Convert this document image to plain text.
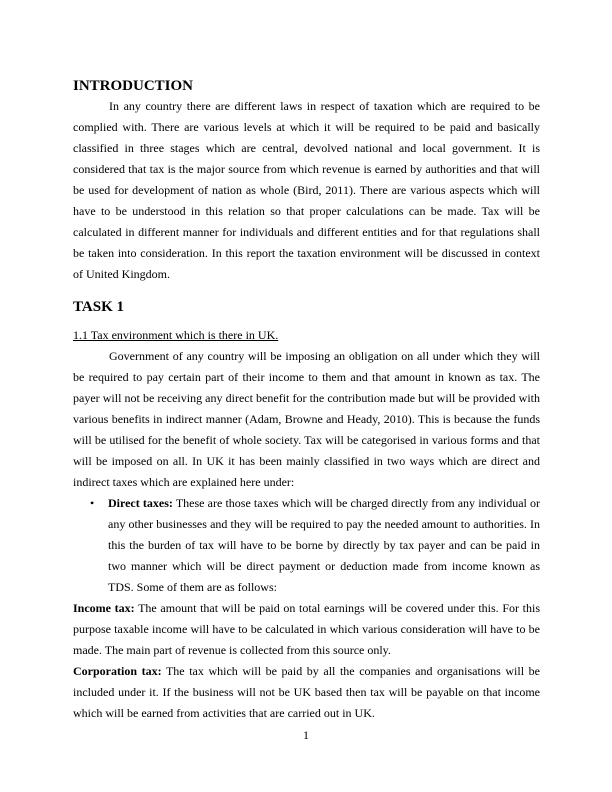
INTRODUCTION

In any country there are different laws in respect of taxation which are required to be complied with. There are various levels at which it will be required to be paid and basically classified in three stages which are central, devolved national and local government. It is considered that tax is the major source from which revenue is earned by authorities and that will be used for development of nation as whole (Bird, 2011). There are various aspects which will have to be understood in this relation so that proper calculations can be made. Tax will be calculated in different manner for individuals and different entities and for that regulations shall be taken into consideration. In this report the taxation environment will be discussed in context of United Kingdom.

TASK 1
1.1 Tax environment which is there in UK.

Government of any country will be imposing an obligation on all under which they will be required to pay certain part of their income to them and that amount in known as tax. The payer will not be receiving any direct benefit for the contribution made but will be provided with various benefits in indirect manner (Adam, Browne and Heady, 2010). This is because the funds will be utilised for the benefit of whole society. Tax will be categorised in various forms and that will be imposed on all. In UK it has been mainly classified in two ways which are direct and indirect taxes which are explained here under:

• Direct taxes: These are those taxes which will be charged directly from any individual or any other businesses and they will be required to pay the needed amount to authorities. In this the burden of tax will have to be borne by directly by tax payer and can be paid in two manner which will be direct payment or deduction made from income known as TDS. Some of them are as follows:

Income tax: The amount that will be paid on total earnings will be covered under this. For this purpose taxable income will have to be calculated in which various consideration will have to be made. The main part of revenue is collected from this source only.

Corporation tax: The tax which will be paid by all the companies and organisations will be included under it. If the business will not be UK based then tax will be payable on that income which will be earned from activities that are carried out in UK.

1
